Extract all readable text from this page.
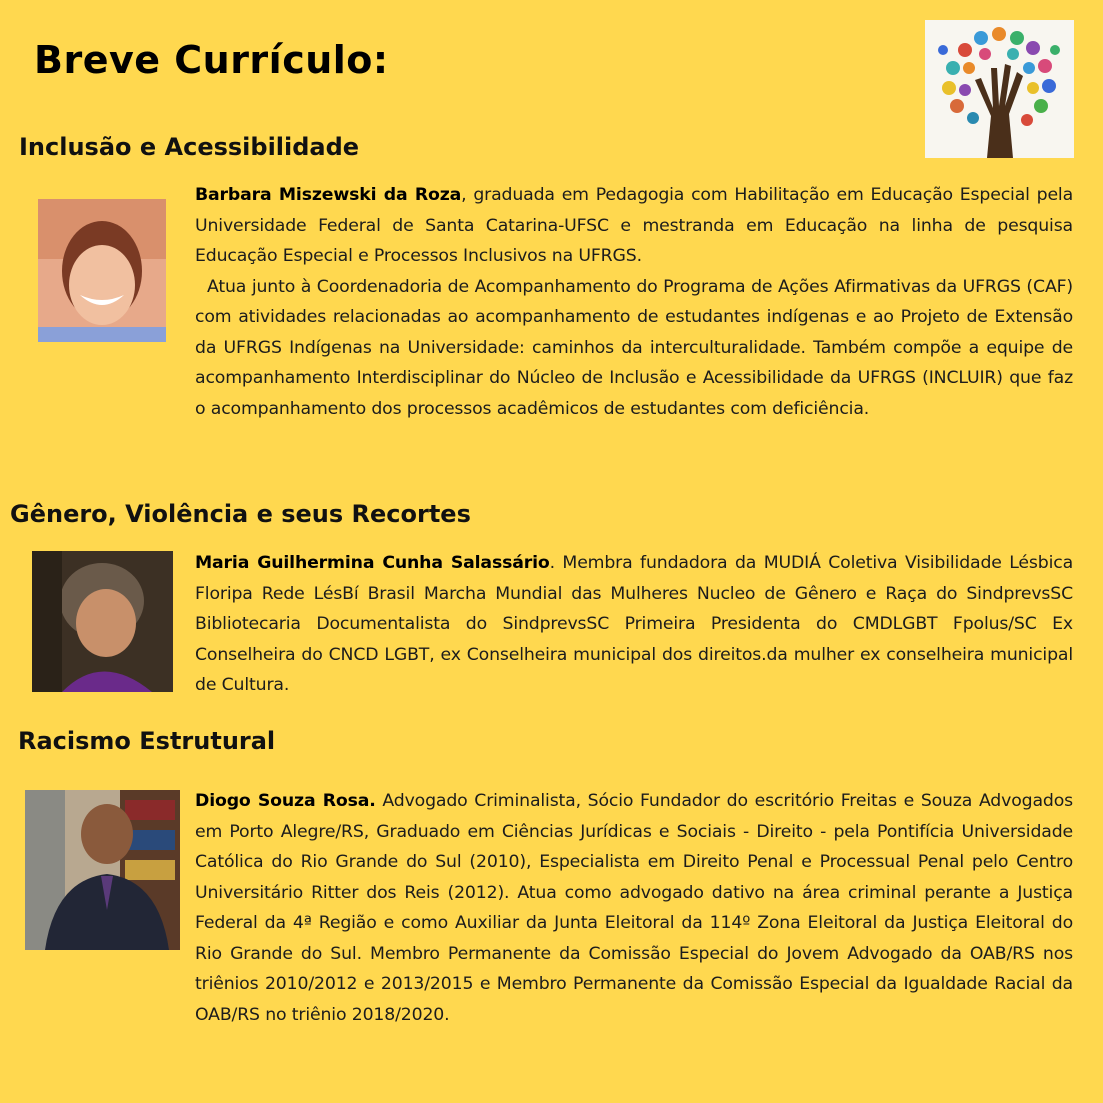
Breve Currículo:
Inclusão e Acessibilidade

Barbara Miszewski da Roza, graduada em Pedagogia com Habilitação em Educação Especial pela Universidade Federal de Santa Catarina-UFSC e mestranda em Educação na linha de pesquisa Educação Especial e Processos Inclusivos na UFRGS.

Atua junto à Coordenadoria de Acompanhamento do Programa de Ações Afirmativas da UFRGS (CAF) com atividades relacionadas ao acompanhamento de estudantes indígenas e ao Projeto de Extensão da UFRGS Indígenas na Universidade: caminhos da interculturalidade. Também compõe a equipe de acompanhamento Interdisciplinar do Núcleo de Inclusão e Acessibilidade da UFRGS (INCLUIR) que faz o acompanhamento dos processos acadêmicos de estudantes com deficiência.

Gênero, Violência e seus Recortes

Maria Guilhermina Cunha Salassário. Membra fundadora da MUDIÁ Coletiva Visibilidade Lésbica Floripa Rede LésBí Brasil Marcha Mundial das Mulheres Nucleo de Gênero e Raça do SindprevsSC Bibliotecaria Documentalista do SindprevsSC Primeira Presidenta do CMDLGBT Fpolus/SC Ex Conselheira do CNCD LGBT, ex Conselheira municipal dos direitos.da mulher ex conselheira municipal de Cultura.

Racismo Estrutural

Diogo Souza Rosa. Advogado Criminalista, Sócio Fundador do escritório Freitas e Souza Advogados em Porto Alegre/RS, Graduado em Ciências Jurídicas e Sociais - Direito - pela Pontifícia Universidade Católica do Rio Grande do Sul (2010), Especialista em Direito Penal e Processual Penal pelo Centro Universitário Ritter dos Reis (2012). Atua como advogado dativo na área criminal perante a Justiça Federal da 4ª Região e como Auxiliar da Junta Eleitoral da 114º Zona Eleitoral da Justiça Eleitoral do Rio Grande do Sul. Membro Permanente da Comissão Especial do Jovem Advogado da OAB/RS nos triênios 2010/2012 e 2013/2015 e Membro Permanente da Comissão Especial da Igualdade Racial da OAB/RS no triênio 2018/2020.
